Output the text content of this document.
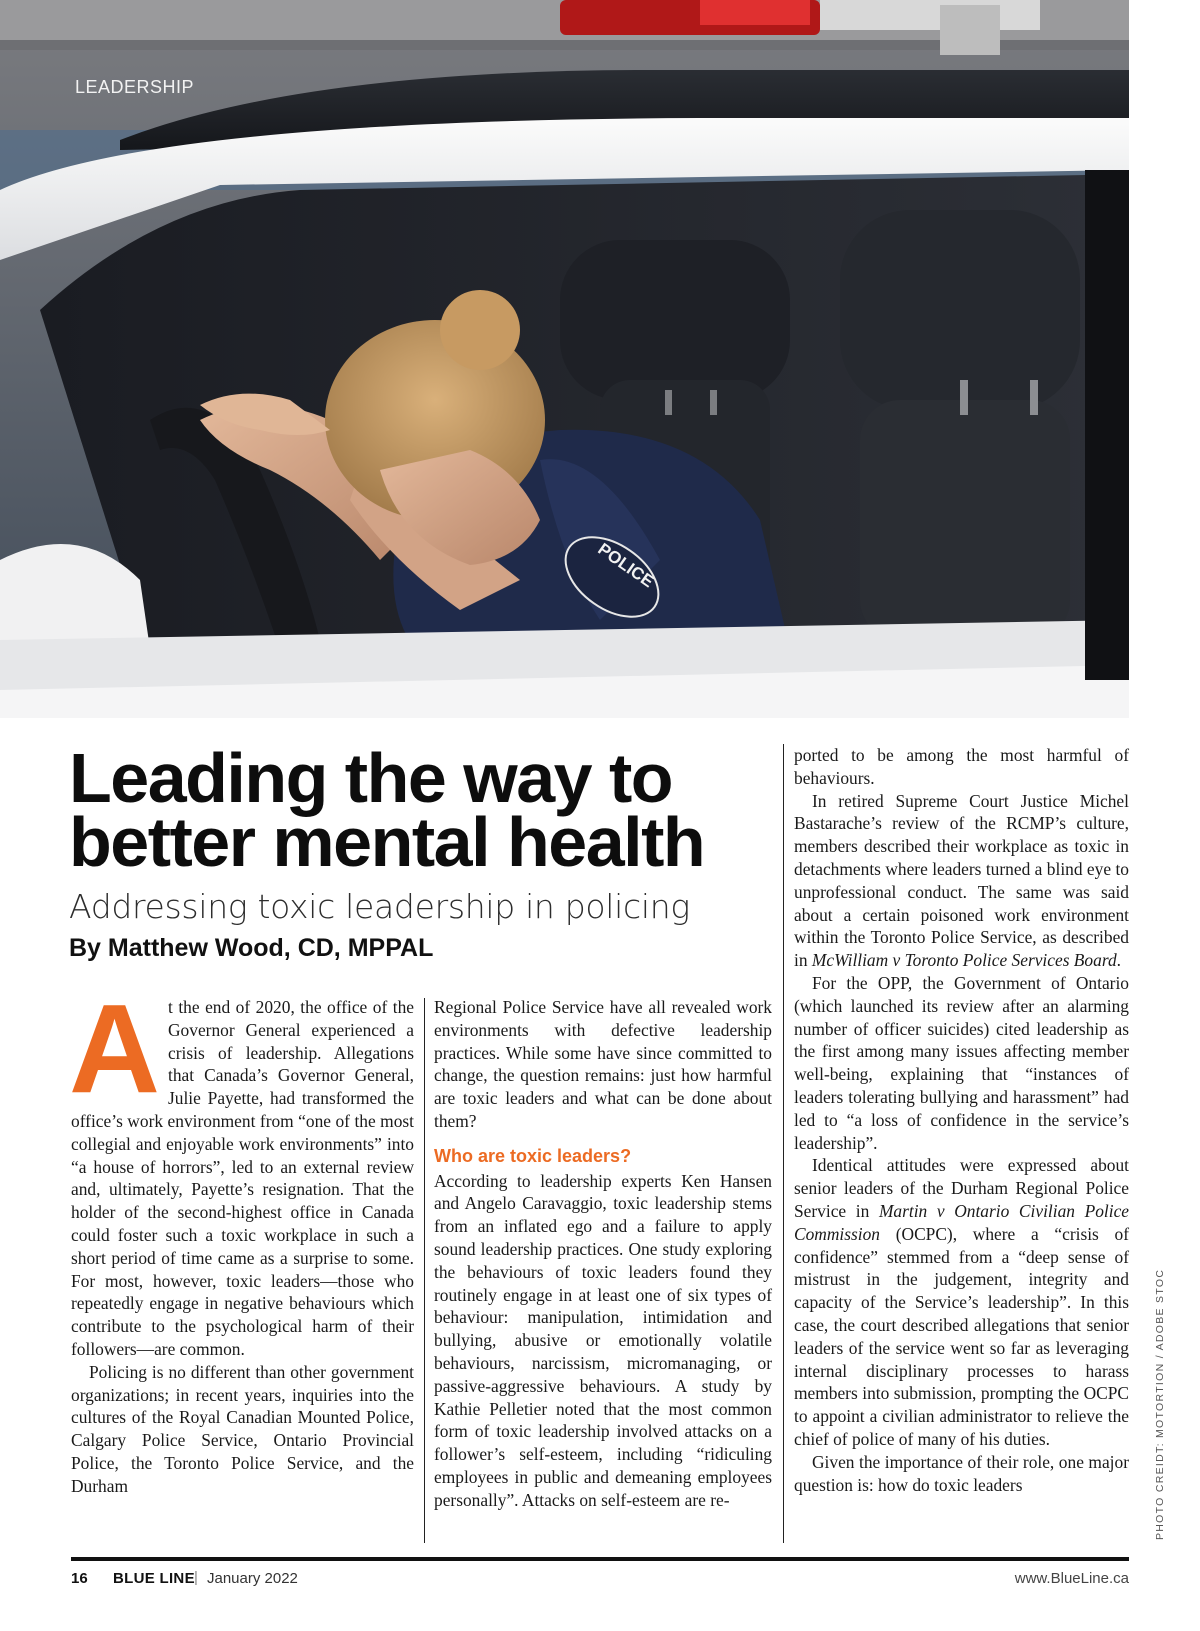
POLICE
LEADERSHIP
Leading the way to
better mental health
Addressing toxic leadership in policing
By Matthew Wood, CD, MPPAL

At the end of 2020, the office of the Governor General experienced a crisis of leadership. Allegations that Canada’s Governor General, Julie Payette, had transformed the office’s work environment from “one of the most collegial and enjoyable work environments” into “a house of horrors”, led to an external review and, ultimately, Payette’s resignation. That the holder of the second-highest office in Canada could foster such a toxic workplace in such a short period of time came as a surprise to some. For most, however, toxic leaders—those who repeatedly engage in negative behaviours which contribute to the psychological harm of their followers—are common.

Policing is no different than other government organizations; in recent years, inquiries into the cultures of the Royal Canadian Mounted Police, Calgary Police Service, Ontario Provincial Police, the Toronto Police Service, and the Durham

Regional Police Service have all revealed work environments with defective leadership practices. While some have since committed to change, the question remains: just how harmful are toxic leaders and what can be done about them?

Who are toxic leaders?

According to leadership experts Ken Hansen and Angelo Caravaggio, toxic leadership stems from an inflated ego and a failure to apply sound leadership practices. One study exploring the behaviours of toxic leaders found they routinely engage in at least one of six types of behaviour: manipulation, intimidation and bullying, abusive or emotionally volatile behaviours, narcissism, micromanaging, or passive-aggressive behaviours. A study by Kathie Pelletier noted that the most common form of toxic leadership involved attacks on a follower’s self-esteem, including “ridiculing employees in public and demeaning employees personally”. Attacks on self-esteem are re-

ported to be among the most harmful of behaviours.

In retired Supreme Court Justice Michel Bastarache’s review of the RCMP’s culture, members described their workplace as toxic in detachments where leaders turned a blind eye to unprofessional conduct. The same was said about a certain poisoned work environment within the Toronto Police Service, as described in McWilliam v Toronto Police Services Board.

For the OPP, the Government of Ontario (which launched its review after an alarming number of officer suicides) cited leadership as the first among many issues affecting member well-being, explaining that “instances of leaders tolerating bullying and harassment” had led to “a loss of confidence in the service’s leadership”.

Identical attitudes were expressed about senior leaders of the Durham Regional Police Service in Martin v Ontario Civilian Police Commission (OCPC), where a “crisis of confidence” stemmed from a “deep sense of mistrust in the judgement, integrity and capacity of the Service’s leadership”. In this case, the court described allegations that senior leaders of the service went so far as leveraging internal disciplinary processes to harass members into submission, prompting the OCPC to appoint a civilian administrator to relieve the chief of police of many of his duties.

Given the importance of their role, one major question is: how do toxic leaders	PHOTO CREIDT: MOTORTION / ADOBE STOC
16 BLUE LINE | January 2022	www.BlueLine.ca
